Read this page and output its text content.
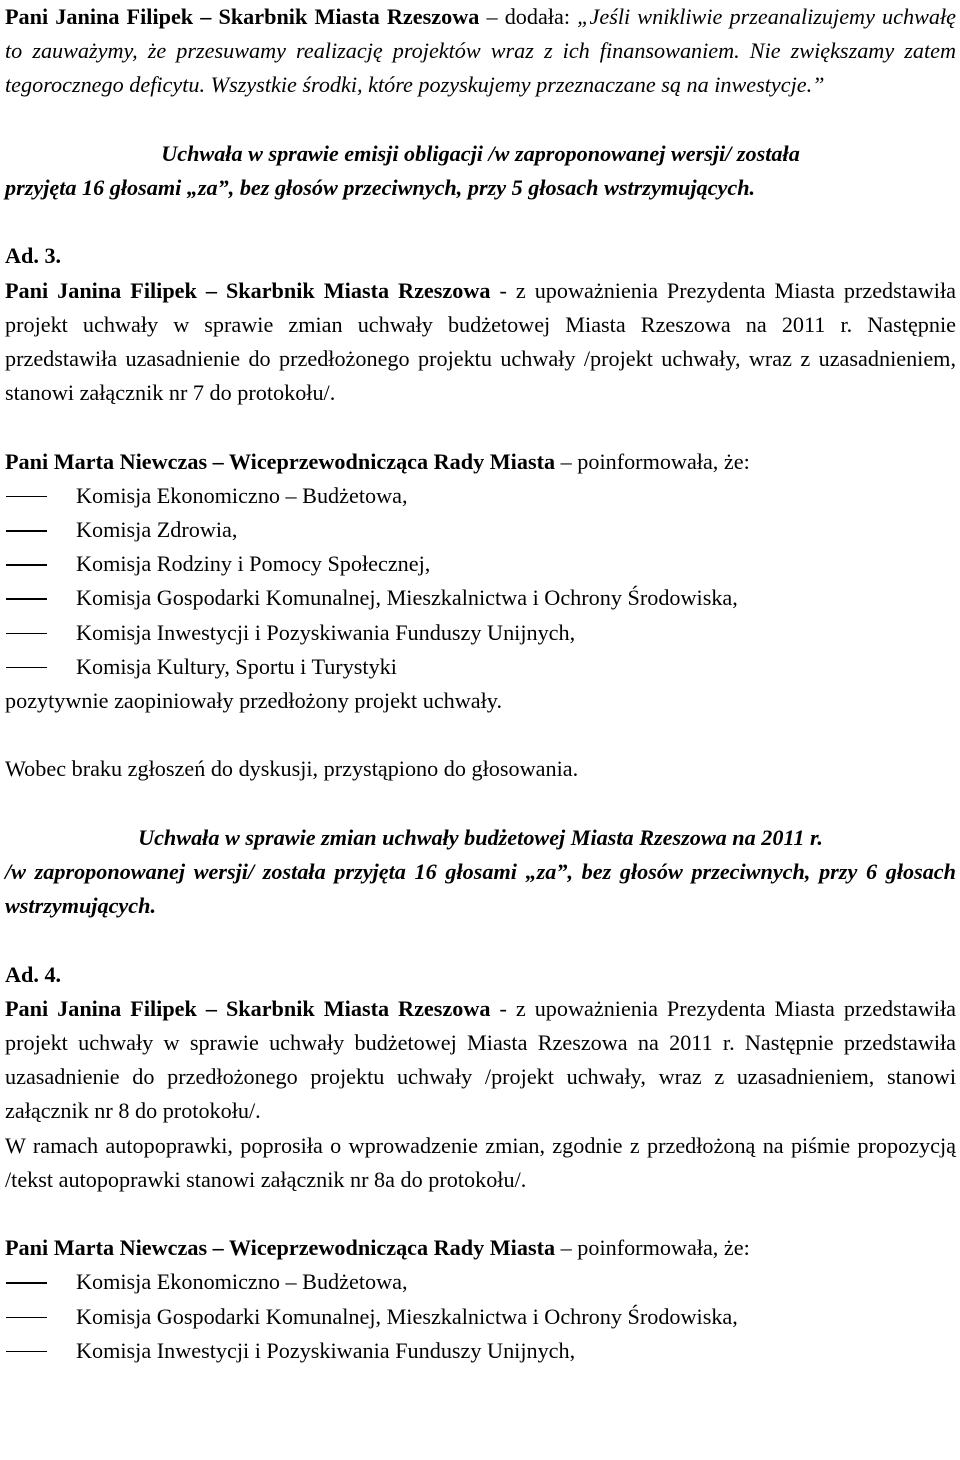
Pani Janina Filipek – Skarbnik Miasta Rzeszowa – dodała: „Jeśli wnikliwie przeanalizujemy uchwałę to zauważymy, że przesuwamy realizację projektów wraz z ich finansowaniem. Nie zwiększamy zatem tegorocznego deficytu. Wszystkie środki, które pozyskujemy przeznaczane są na inwestycje.”

Uchwała w sprawie emisji obligacji /w zaproponowanej wersji/ została

przyjęta 16 głosami „za”, bez głosów przeciwnych, przy 5 głosach wstrzymujących.

Ad. 3.

Pani Janina Filipek – Skarbnik Miasta Rzeszowa - z upoważnienia Prezydenta Miasta przedstawiła projekt uchwały w sprawie zmian uchwały budżetowej Miasta Rzeszowa na 2011 r. Następnie przedstawiła uzasadnienie do przedłożonego projektu uchwały /projekt uchwały, wraz z uzasadnieniem, stanowi załącznik nr 7 do protokołu/.

Pani Marta Niewczas – Wiceprzewodnicząca Rady Miasta – poinformowała, że:

Komisja Ekonomiczno – Budżetowa,
Komisja Zdrowia,
Komisja Rodziny i Pomocy Społecznej,
Komisja Gospodarki Komunalnej, Mieszkalnictwa i Ochrony Środowiska,
Komisja Inwestycji i Pozyskiwania Funduszy Unijnych,
Komisja Kultury, Sportu i Turystyki

pozytywnie zaopiniowały przedłożony projekt uchwały.

Wobec braku zgłoszeń do dyskusji, przystąpiono do głosowania.

Uchwała w sprawie zmian uchwały budżetowej Miasta Rzeszowa na 2011 r.

/w zaproponowanej wersji/ została przyjęta 16 głosami „za”, bez głosów przeciwnych, przy 6 głosach wstrzymujących.

Ad. 4.

Pani Janina Filipek – Skarbnik Miasta Rzeszowa - z upoważnienia Prezydenta Miasta przedstawiła projekt uchwały w sprawie uchwały budżetowej Miasta Rzeszowa na 2011 r. Następnie przedstawiła uzasadnienie do przedłożonego projektu uchwały /projekt uchwały, wraz z uzasadnieniem, stanowi załącznik nr 8 do protokołu/.

W ramach autopoprawki, poprosiła o wprowadzenie zmian, zgodnie z przedłożoną na piśmie propozycją /tekst autopoprawki stanowi załącznik nr 8a do protokołu/.

Pani Marta Niewczas – Wiceprzewodnicząca Rady Miasta – poinformowała, że:

Komisja Ekonomiczno – Budżetowa,
Komisja Gospodarki Komunalnej, Mieszkalnictwa i Ochrony Środowiska,
Komisja Inwestycji i Pozyskiwania Funduszy Unijnych,
